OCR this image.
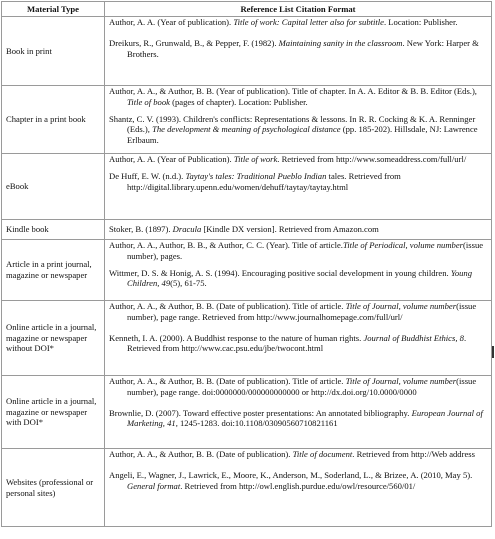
Material Type	Reference List Citation Format
Book in print	Author, A. A. (Year of publication). Title of work: Capital letter also for subtitle. Location: Publisher.

Dreikurs, R., Grunwald, B., & Pepper, F. (1982). Maintaining sanity in the classroom. New York: Harper & Brothers.

Chapter in a print book	Author, A. A., & Author, B. B. (Year of publication). Title of chapter. In A. A. Editor & B. B. Editor (Eds.), Title of book (pages of chapter). Location: Publisher.

Shantz, C. V. (1993). Children's conflicts: Representations & lessons. In R. R. Cocking & K. A. Renninger (Eds.), The development & meaning of psychological distance (pp. 185-202). Hillsdale, NJ: Lawrence Erlbaum.

eBook	Author, A. A. (Year of Publication). Title of work. Retrieved from http://www.someaddress.com/full/url/

De Huff, E. W. (n.d.). Taytay's tales: Traditional Pueblo Indian tales. Retrieved from http://digital.library.upenn.edu/women/dehuff/taytay/taytay.html

Kindle book	Stoker, B. (1897). Dracula [Kindle DX version]. Retrieved from Amazon.com

Article in a print journal, magazine or newspaper	Author, A. A., Author, B. B., & Author, C. C. (Year). Title of article.Title of Periodical, volume number(issue number), pages.

Wittmer, D. S. & Honig, A. S. (1994). Encouraging positive social development in young children. Young Children, 49(5), 61-75.

Online article in a journal, magazine or newspaper without DOI*	Author, A. A., & Author, B. B. (Date of publication). Title of article. Title of Journal, volume number(issue number), page range. Retrieved from http://www.journalhomepage.com/full/url/

Kenneth, I. A. (2000). A Buddhist response to the nature of human rights. Journal of Buddhist Ethics, 8. Retrieved from http://www.cac.psu.edu/jbe/twocont.html

Online article in a journal, magazine or newspaper with DOI*	Author, A. A., & Author, B. B. (Date of publication). Title of article. Title of Journal, volume number(issue number), page range. doi:0000000/000000000000 or http://dx.doi.org/10.0000/0000

Brownlie, D. (2007). Toward effective poster presentations: An annotated bibliography. European Journal of Marketing, 41, 1245-1283. doi:10.1108/03090560710821161

Websites (professional or personal sites)	Author, A. A., & Author, B. B. (Date of publication). Title of document. Retrieved from http://Web address

Angeli, E., Wagner, J., Lawrick, E., Moore, K., Anderson, M., Soderland, L., & Brizee, A. (2010, May 5). General format. Retrieved from http://owl.english.purdue.edu/owl/resource/560/01/
